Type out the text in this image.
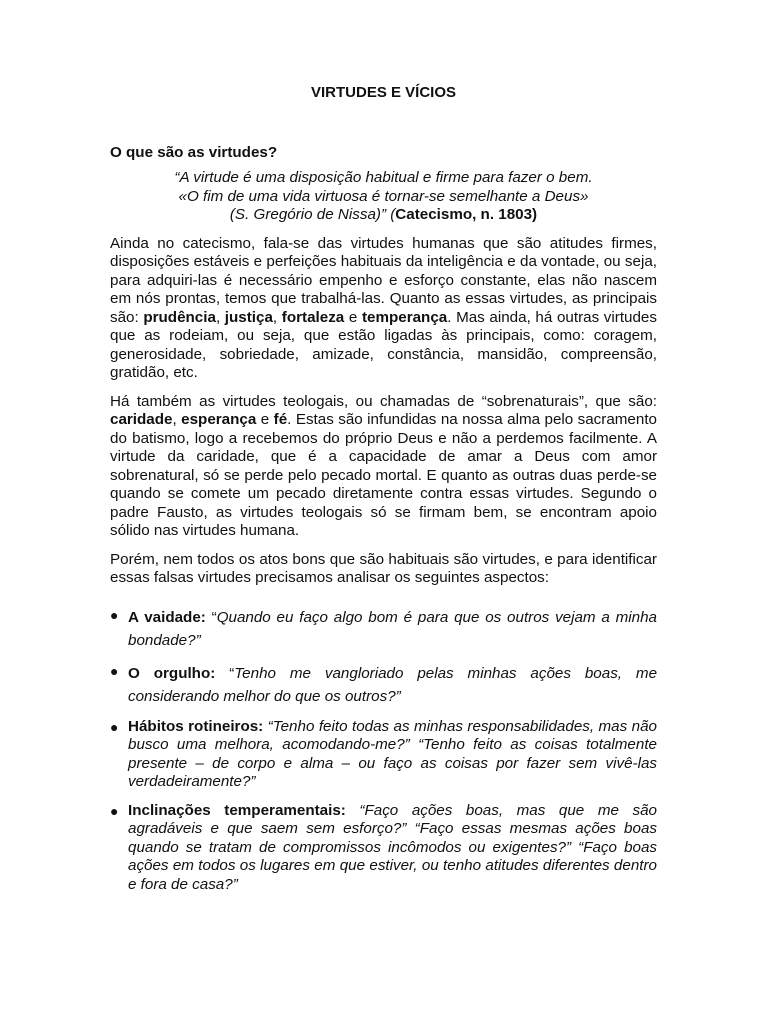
VIRTUDES E VÍCIOS
O que são as virtudes?
“A virtude é uma disposição habitual e firme para fazer o bem.
«O fim de uma vida virtuosa é tornar-se semelhante a Deus»
(S. Gregório de Nissa)” (Catecismo, n. 1803)

Ainda no catecismo, fala-se das virtudes humanas que são atitudes firmes, disposições estáveis e perfeições habituais da inteligência e da vontade, ou seja, para adquiri-las é necessário empenho e esforço constante, elas não nascem em nós prontas, temos que trabalhá-las. Quanto as essas virtudes, as principais são: prudência, justiça, fortaleza e temperança. Mas ainda, há outras virtudes que as rodeiam, ou seja, que estão ligadas às principais, como: coragem, generosidade, sobriedade, amizade, constância, mansidão, compreensão, gratidão, etc.

Há também as virtudes teologais, ou chamadas de “sobrenaturais”, que são: caridade, esperança e fé. Estas são infundidas na nossa alma pelo sacramento do batismo, logo a recebemos do próprio Deus e não a perdemos facilmente. A virtude da caridade, que é a capacidade de amar a Deus com amor sobrenatural, só se perde pelo pecado mortal. E quanto as outras duas perde-se quando se comete um pecado diretamente contra essas virtudes. Segundo o padre Fausto, as virtudes teologais só se firmam bem, se encontram apoio sólido nas virtudes humana.

Porém, nem todos os atos bons que são habituais são virtudes, e para identificar essas falsas virtudes precisamos analisar os seguintes aspectos:

● A vaidade: “Quando eu faço algo bom é para que os outros vejam a minha bondade?”
● O orgulho: “Tenho me vangloriado pelas minhas ações boas, me considerando melhor do que os outros?”
● Hábitos rotineiros: “Tenho feito todas as minhas responsabilidades, mas não busco uma melhora, acomodando-me?” “Tenho feito as coisas totalmente presente – de corpo e alma – ou faço as coisas por fazer sem vivê-las verdadeiramente?”
● Inclinações temperamentais: “Faço ações boas, mas que me são agradáveis e que saem sem esforço?” “Faço essas mesmas ações boas quando se tratam de compromissos incômodos ou exigentes?” “Faço boas ações em todos os lugares em que estiver, ou tenho atitudes diferentes dentro e fora de casa?”
